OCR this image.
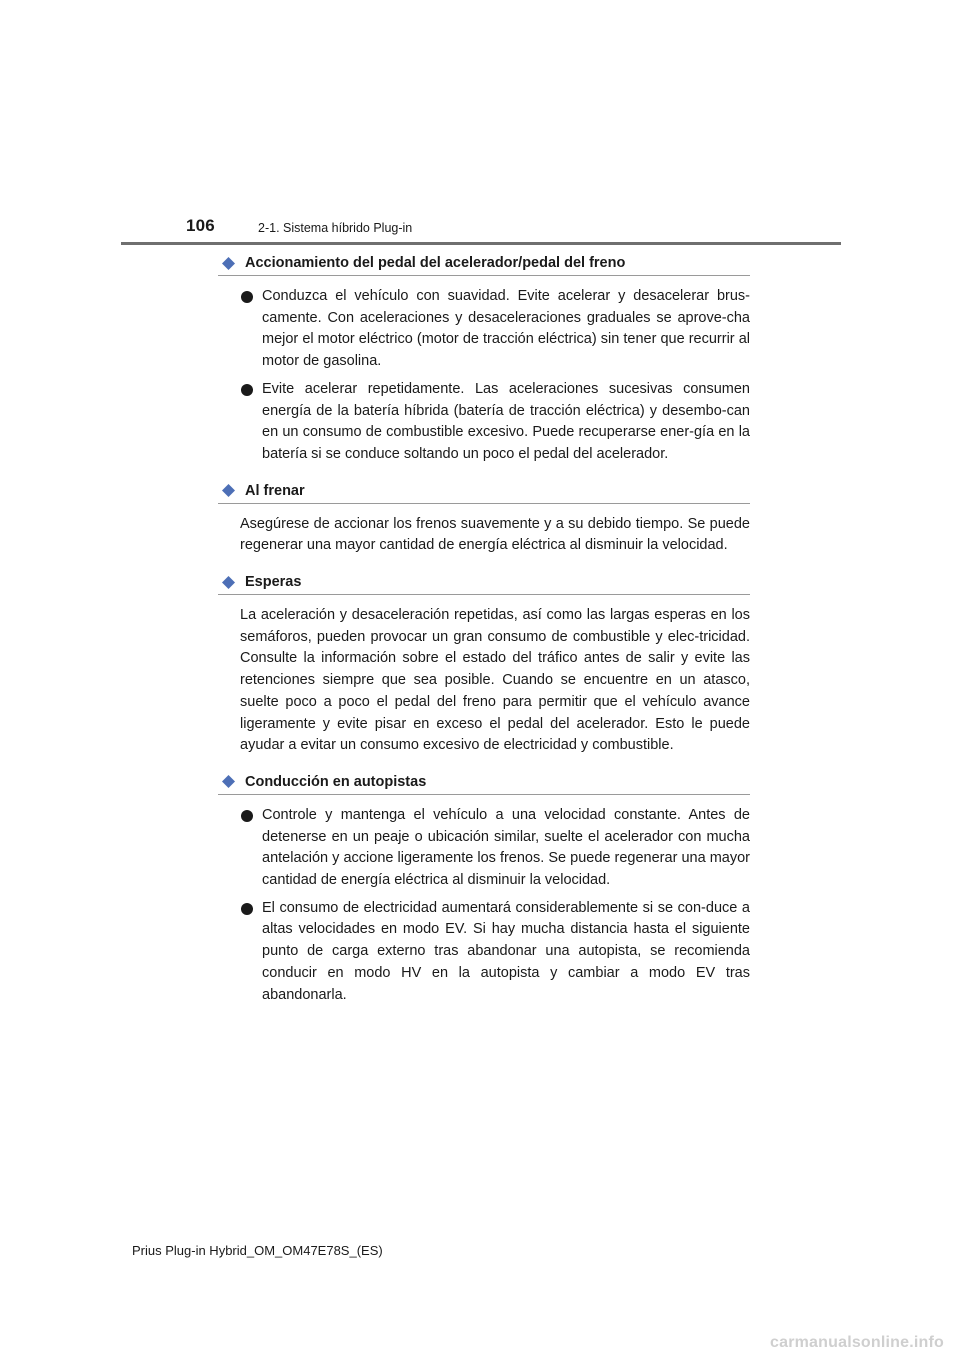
106	2-1. Sistema híbrido Plug-in
Accionamiento del pedal del acelerador/pedal del freno
Conduzca el vehículo con suavidad. Evite acelerar y desacelerar brus-camente. Con aceleraciones y desaceleraciones graduales se aprove-cha mejor el motor eléctrico (motor de tracción eléctrica) sin tener que recurrir al motor de gasolina.
Evite acelerar repetidamente. Las aceleraciones sucesivas consumen energía de la batería híbrida (batería de tracción eléctrica) y desembo-can en un consumo de combustible excesivo. Puede recuperarse ener-gía en la batería si se conduce soltando un poco el pedal del acelerador.
Al frenar

Asegúrese de accionar los frenos suavemente y a su debido tiempo. Se puede regenerar una mayor cantidad de energía eléctrica al disminuir la velocidad.

Esperas

La aceleración y desaceleración repetidas, así como las largas esperas en los semáforos, pueden provocar un gran consumo de combustible y elec-tricidad. Consulte la información sobre el estado del tráfico antes de salir y evite las retenciones siempre que sea posible. Cuando se encuentre en un atasco, suelte poco a poco el pedal del freno para permitir que el vehículo avance ligeramente y evite pisar en exceso el pedal del acelerador. Esto le puede ayudar a evitar un consumo excesivo de electricidad y combustible.

Conducción en autopistas
Controle y mantenga el vehículo a una velocidad constante. Antes de detenerse en un peaje o ubicación similar, suelte el acelerador con mucha antelación y accione ligeramente los frenos. Se puede regenerar una mayor cantidad de energía eléctrica al disminuir la velocidad.
El consumo de electricidad aumentará considerablemente si se con-duce a altas velocidades en modo EV. Si hay mucha distancia hasta el siguiente punto de carga externo tras abandonar una autopista, se recomienda conducir en modo HV en la autopista y cambiar a modo EV tras abandonarla.
Prius Plug-in Hybrid_OM_OM47E78S_(ES)
carmanualsonline.info
